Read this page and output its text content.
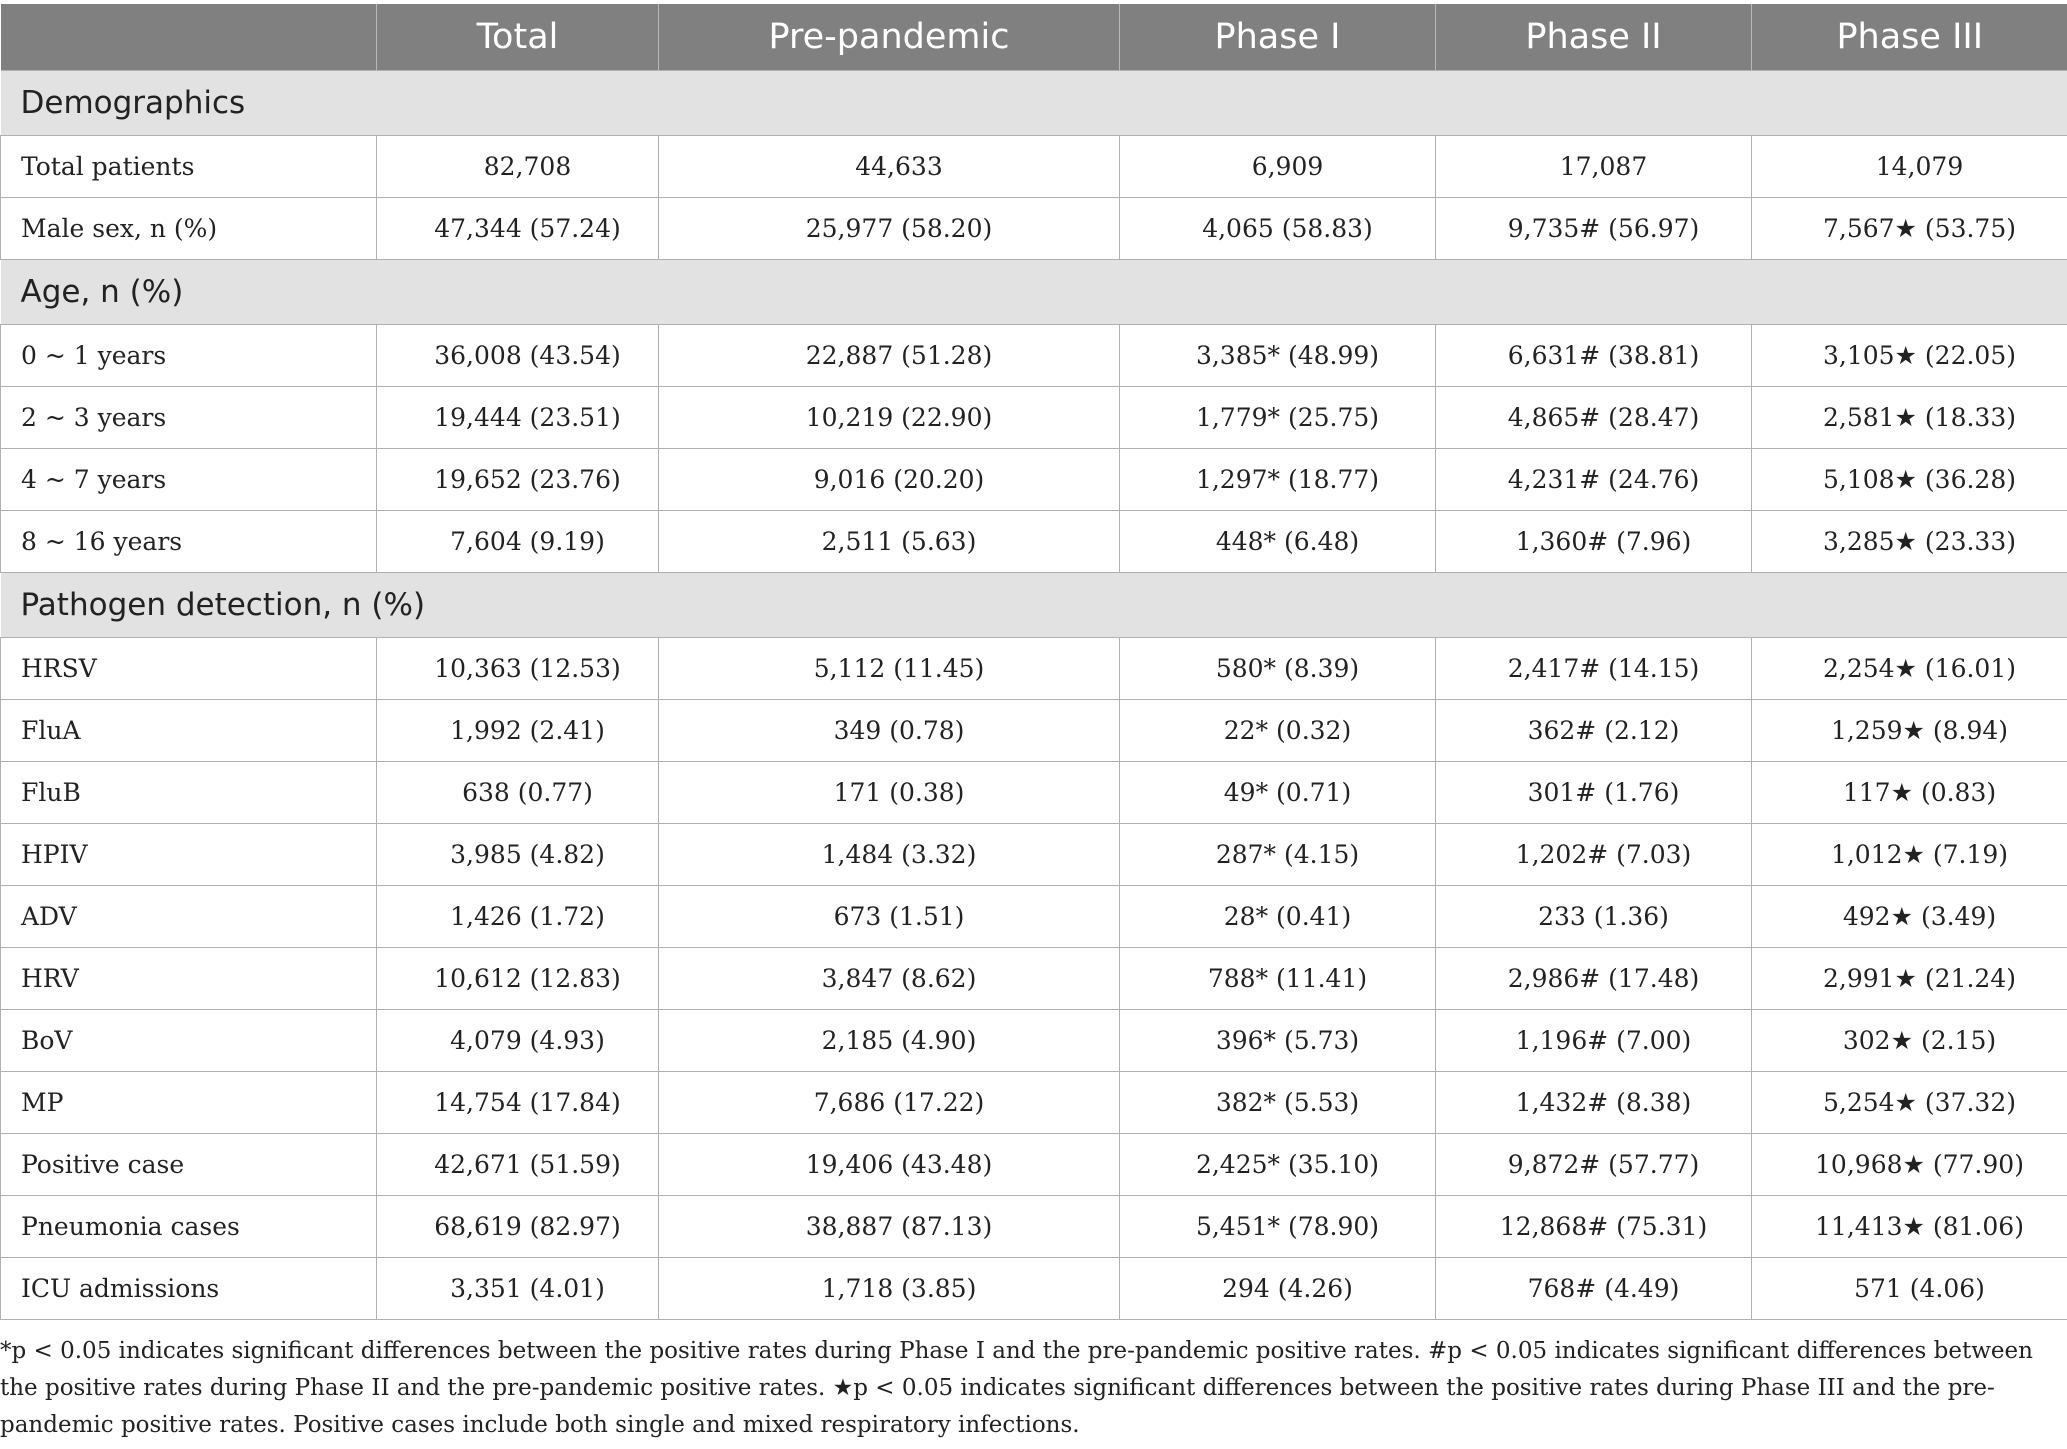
	Total	Pre-pandemic	Phase I	Phase II	Phase III
Demographics					
Total patients	82,708	44,633	6,909	17,087	14,079
Male sex, n (%)	47,344 (57.24)	25,977 (58.20)	4,065 (58.83)	9,735# (56.97)	7,567★ (53.75)
Age, n (%)					
0 ~ 1 years	36,008 (43.54)	22,887 (51.28)	3,385* (48.99)	6,631# (38.81)	3,105★ (22.05)
2 ~ 3 years	19,444 (23.51)	10,219 (22.90)	1,779* (25.75)	4,865# (28.47)	2,581★ (18.33)
4 ~ 7 years	19,652 (23.76)	9,016 (20.20)	1,297* (18.77)	4,231# (24.76)	5,108★ (36.28)
8 ~ 16 years	7,604 (9.19)	2,511 (5.63)	448* (6.48)	1,360# (7.96)	3,285★ (23.33)
Pathogen detection, n (%)					
HRSV	10,363 (12.53)	5,112 (11.45)	580* (8.39)	2,417# (14.15)	2,254★ (16.01)
FluA	1,992 (2.41)	349 (0.78)	22* (0.32)	362# (2.12)	1,259★ (8.94)
FluB	638 (0.77)	171 (0.38)	49* (0.71)	301# (1.76)	117★ (0.83)
HPIV	3,985 (4.82)	1,484 (3.32)	287* (4.15)	1,202# (7.03)	1,012★ (7.19)
ADV	1,426 (1.72)	673 (1.51)	28* (0.41)	233 (1.36)	492★ (3.49)
HRV	10,612 (12.83)	3,847 (8.62)	788* (11.41)	2,986# (17.48)	2,991★ (21.24)
BoV	4,079 (4.93)	2,185 (4.90)	396* (5.73)	1,196# (7.00)	302★ (2.15)
MP	14,754 (17.84)	7,686 (17.22)	382* (5.53)	1,432# (8.38)	5,254★ (37.32)
Positive case	42,671 (51.59)	19,406 (43.48)	2,425* (35.10)	9,872# (57.77)	10,968★ (77.90)
Pneumonia cases	68,619 (82.97)	38,887 (87.13)	5,451* (78.90)	12,868# (75.31)	11,413★ (81.06)
ICU admissions	3,351 (4.01)	1,718 (3.85)	294 (4.26)	768# (4.49)	571 (4.06)
*p < 0.05 indicates significant differences between the positive rates during Phase I and the pre-pandemic positive rates. #p < 0.05 indicates significant differences between the positive rates during Phase II and the pre-pandemic positive rates. ★p < 0.05 indicates significant differences between the positive rates during Phase III and the pre-pandemic positive rates. Positive cases include both single and mixed respiratory infections.
